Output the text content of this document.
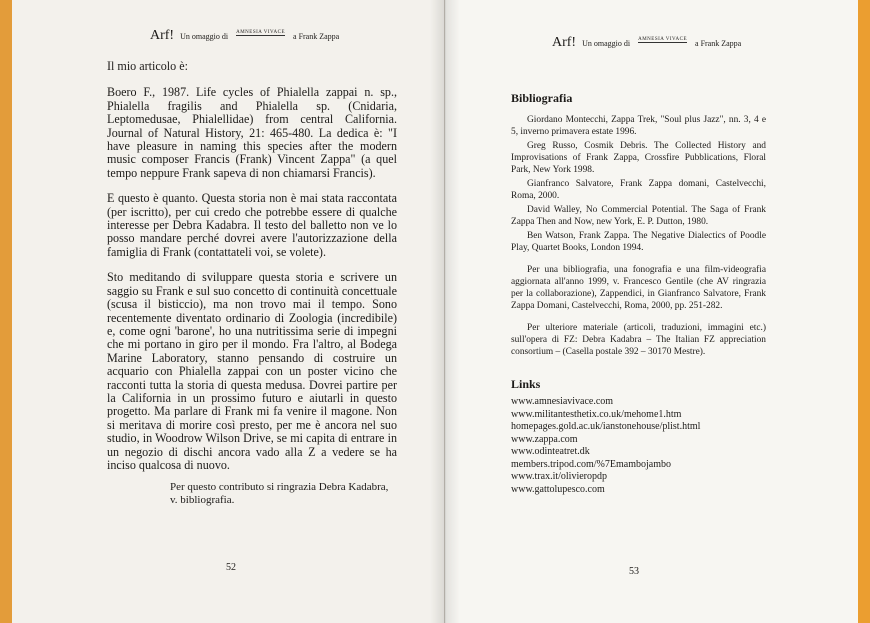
Arf! Un omaggio di AMNESIA VIVACE a Frank Zappa	Arf! Un omaggio di AMNESIA VIVACE a Frank Zappa

Il mio articolo è:

Boero F., 1987. Life cycles of Phialella zappai n. sp., Phialella fragilis and Phialella sp. (Cnidaria, Leptomedusae, Phialellidae) from central California. Journal of Natural History, 21: 465-480. La dedica è: "I have pleasure in naming this species after the modern music composer Francis (Frank) Vincent Zappa" (a quel tempo neppure Frank sapeva di non chiamarsi Francis).

E questo è quanto. Questa storia non è mai stata raccontata (per iscritto), per cui credo che potrebbe essere di qualche interesse per Debra Kadabra. Il testo del balletto non ve lo posso mandare perché dovrei avere l'autorizzazione della famiglia di Frank (contattateli voi, se volete).

Sto meditando di sviluppare questa storia e scrivere un saggio su Frank e sul suo concetto di continuità concettuale (scusa il bisticcio), ma non trovo mai il tempo. Sono recentemente diventato ordinario di Zoologia (incredibile) e, come ogni 'barone', ho una nutritissima serie di impegni che mi portano in giro per il mondo. Fra l'altro, al Bodega Marine Laboratory, stanno pensando di costruire un acquario con Phialella zappai con un poster vicino che racconti tutta la storia di questa medusa. Dovrei partire per la California in un prossimo futuro e aiutarli in questo progetto. Ma parlare di Frank mi fa venire il magone. Non si meritava di morire così presto, per me è ancora nel suo studio, in Woodrow Wilson Drive, se mi capita di entrare in un negozio di dischi ancora vado alla Z a vedere se ha inciso qualcosa di nuovo.

Per questo contributo si ringrazia Debra Kadabra,
v. bibliografia.
52
Bibliografia
Giordano Montecchi, Zappa Trek, "Soul plus Jazz", nn. 3, 4 e 5, inverno primavera estate 1996.
Greg Russo, Cosmik Debris. The Collected History and Improvisations of Frank Zappa, Crossfire Pubblications, Floral Park, New York 1998.
Gianfranco Salvatore, Frank Zappa domani, Castelvecchi, Roma, 2000.
David Walley, No Commercial Potential. The Saga of Frank Zappa Then and Now, new York, E. P. Dutton, 1980.
Ben Watson, Frank Zappa. The Negative Dialectics of Poodle Play, Quartet Books, London 1994.
Per una bibliografia, una fonografia e una film-videografia aggiornata all'anno 1999, v. Francesco Gentile (che AV ringrazia per la collaborazione), Zappendici, in Gianfranco Salvatore, Frank Zappa Domani, Castelvecchi, Roma, 2000, pp. 251-282.
Per ulteriore materiale (articoli, traduzioni, immagini etc.) sull'opera di FZ: Debra Kadabra – The Italian FZ appreciation consortium – (Casella postale 392 – 30170 Mestre).
Links
www.amnesiavivace.com
www.militantesthetix.co.uk/mehome1.htm
homepages.gold.ac.uk/ianstonehouse/plist.html
www.zappa.com
www.odinteatret.dk
members.tripod.com/%7Emambojambo
www.trax.it/olivieropdp
www.gattolupesco.com
53
